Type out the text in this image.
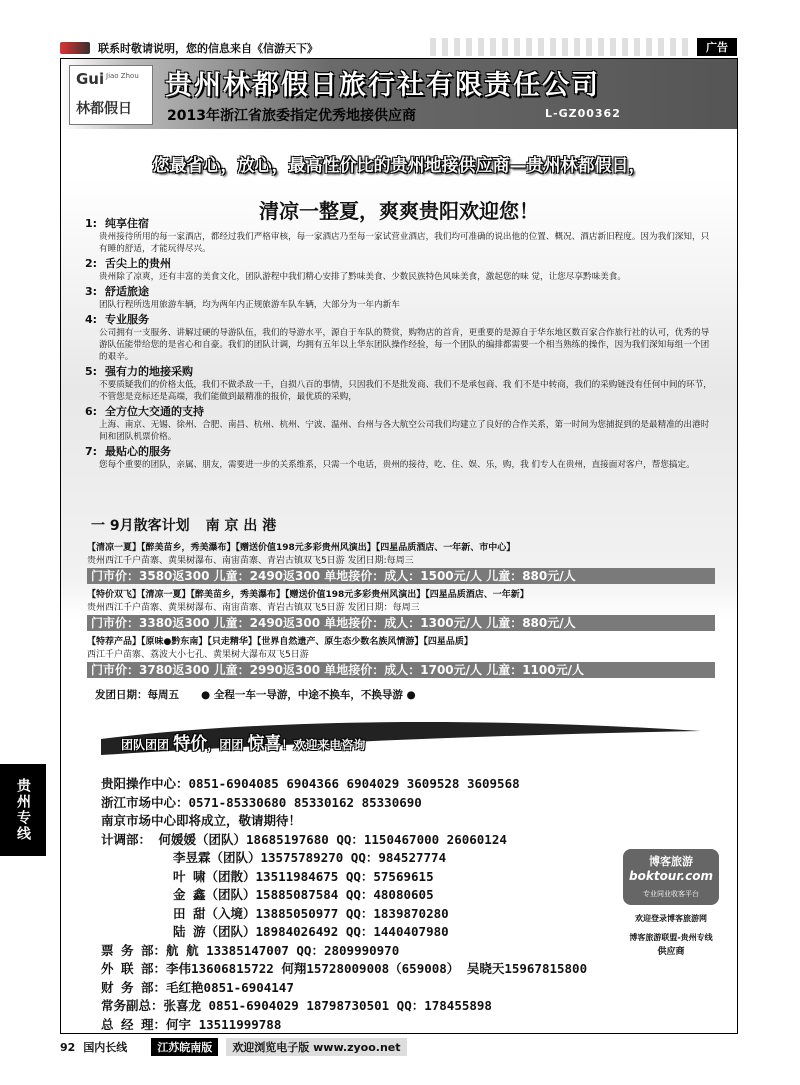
联系时敬请说明，您的信息来自《信游天下》	广告
Gui Jiao Zhou
林都假日
贵州林都假日旅行社有限责任公司
2013年浙江省旅委指定优秀地接供应商	L-GZ00362
您最省心，放心，最高性价比的贵州地接供应商—贵州林都假日，
清凉一整夏，爽爽贵阳欢迎您！
1: 纯享住宿
贵州接待所用的每一家酒店，都经过我们严格审核，每一家酒店乃至每一家试营业酒店，我们均可准确的说出他的位置、概况、酒店新旧程度。因为我们深知，只有睡的舒适，才能玩得尽兴。
2: 舌尖上的贵州
贵州除了凉爽，还有丰富的美食文化，团队游程中我们精心安排了黔味美食、少数民族特色风味美食，激起您的味 觉，让您尽享黔味美食。
3: 舒适旅途
团队行程所选用旅游车辆，均为两年内正规旅游车队车辆，大部分为一年内新车
4: 专业服务
公司拥有一支服务、讲解过硬的导游队伍，我们的导游水平，源自于车队的赞赏，购物店的首肯，更重要的是源自于华东地区数百家合作旅行社的认可，优秀的导游队伍能带给您的是省心和自豪。我们的团队计调，均拥有五年以上华东团队操作经验，每一个团队的编排都需要一个相当熟练的操作，因为我们深知每组一个团的艰辛。
5: 强有力的地接采购
不要质疑我们的价格太低，我们不做杀敌一千，自损八百的事情，只因我们不是批发商、我们不是承包商、我 们不是中转商，我们的采购链没有任何中间的环节，不管您是竞标还是高端，我们能做到最精准的报价，最优质的采购，
6: 全方位大交通的支持
上海、南京、无锡、徐州、合肥、南昌、杭州、杭州、宁波、温州、台州与各大航空公司我们均建立了良好的合作关系，第一时间为您捕捉到的是最精准的出港时间和团队机票价格。
7: 最贴心的服务
您每个重要的团队，亲属、朋友，需要进一步的关系维系，只需一个电话，贵州的接待，吃、住、娱、乐，购，我 们专人在贵州，直接面对客户，帮您搞定。
一 9月散客计划 南 京 出 港
【清凉一夏】【醉美苗乡，秀美瀑布】【赠送价值198元多彩贵州风演出】【四星品质酒店、一年新、市中心】
贵州西江千户苗寨、黄果树瀑布、南宙苗寨、青岩古镇双飞5日游 发团日期:每周三
门市价：3580返300 儿童：2490返300 单地接价：成人：1500元/人 儿童：880元/人
【特价双飞】【清凉一夏】【醉美苗乡，秀美瀑布】【赠送价值198元多彩贵州风演出】【四星品质酒店、一年新】
贵州西江千户苗寨、黄果树瀑布、南宙苗寨、青岩古镇双飞5日游 发团日期：每周三
门市价：3380返300 儿童：2490返300 单地接价：成人：1300元/人 儿童：880元/人
【特荐产品】【原味●黔东南】【只走精华】【世界自然遗产、原生态少数名族风情游】【四星品质】
西江千户苗寨、荔波大小七孔、黄果树大瀑布双飞5日游
门市价：3780返300 儿童：2990返300 单地接价：成人：1700元/人 儿童：1100元/人
发团日期：每周五 ● 全程一车一导游，中途不换车，不换导游 ●
团队团团 特价，团团 惊喜！欢迎来电咨询
贵阳操作中心：0851-6904085 6904366 6904029 3609528 3609568
浙江市场中心：0571-85330680 85330162 85330690
南京市场中心即将成立，敬请期待！
计调部： 何媛媛（团队）18685197680 QQ：1150467000 26060124
李昱霖（团队）13575789270 QQ：984527774
叶 啸（团散）13511984675 QQ：57569615
金 鑫（团队）15885087584 QQ：48080605
田 甜（入境）13885050977 QQ：1839870280
陆 游（团队）18984026492 QQ：1440407980
票 务 部：航 航 13385147007 QQ：2809990970
外 联 部：李伟13606815722 何翔15728009008（659008） 吴晓天15967815800
财 务 部：毛红艳0851-6904147
常务副总：张喜龙 0851-6904029 18798730501 QQ：178455898
总 经 理：何宇 13511999788
博客旅游
boktour.com
专业同业收客平台
欢迎登录博客旅游网
博客旅游联盟-贵州专线
供应商
贵州专线
92 国内长线	江苏皖南版	欢迎浏览电子版 www.zyoo.net
